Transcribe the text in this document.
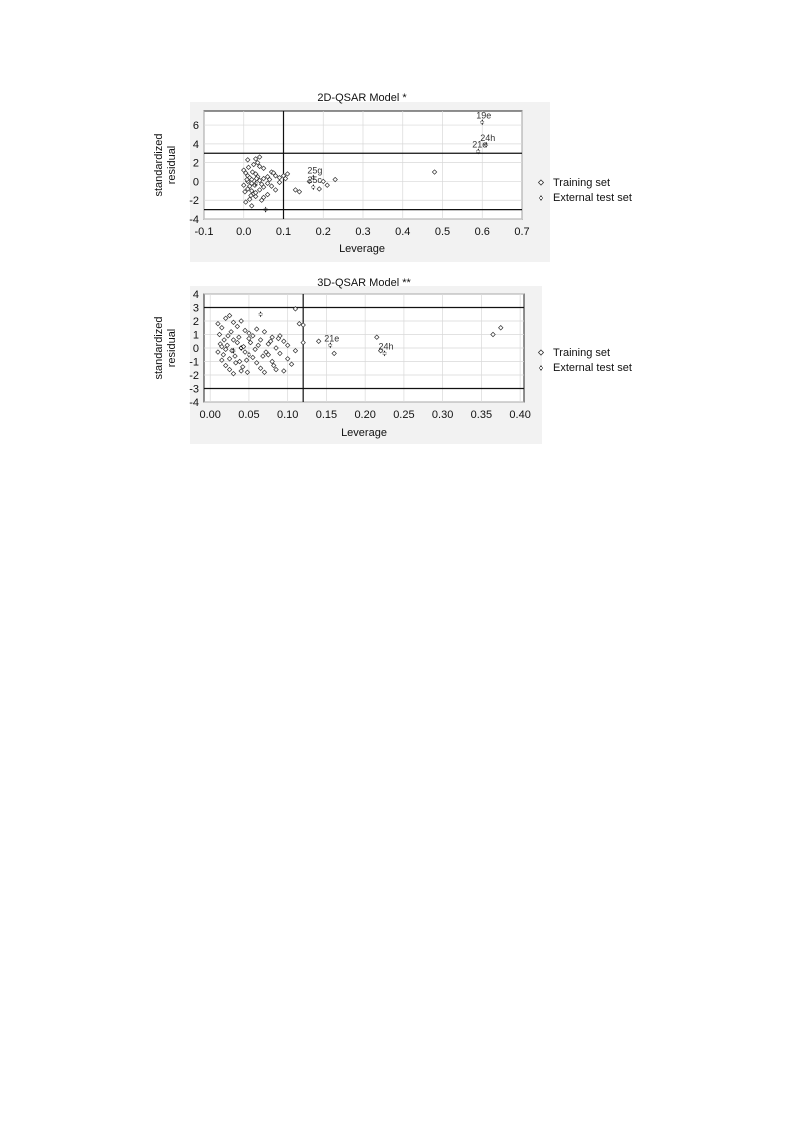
2D-QSAR Model *
-0.1 0.0 0.1 0.2 0.3 0.4 0.5 0.6 0.7
6
4
2
0
-2
-4
Leverage
standardized residual
19e
24h
21e
25g
25c	Training set
External test set
3D-QSAR Model **
0.00 0.05 0.10 0.15 0.20 0.25 0.30 0.35 0.40
4
3
2
1
0
-1
-2
-3
-4
Leverage
standardized residual	21e
24h
Training set
External test set
